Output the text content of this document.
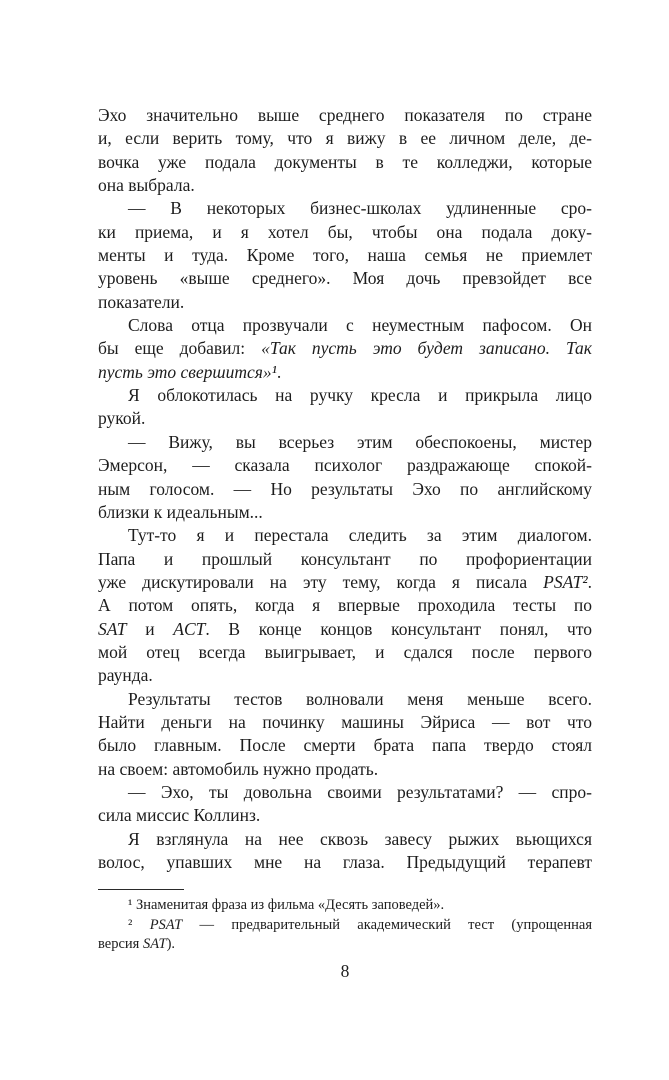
Эхо значительно выше среднего показателя по стране
и, если верить тому, что я вижу в ее личном деле, де-
вочка уже подала документы в те колледжи, которые
она выбрала.
— В некоторых бизнес-школах удлиненные сро-
ки приема, и я хотел бы, чтобы она подала доку-
менты и туда. Кроме того, наша семья не приемлет
уровень «выше среднего». Моя дочь превзойдет все
показатели.
Слова отца прозвучали с неуместным пафосом. Он
бы еще добавил: «Так пусть это будет записано. Так
пусть это свершится»¹.
Я облокотилась на ручку кресла и прикрыла лицо
рукой.
— Вижу, вы всерьез этим обеспокоены, мистер
Эмерсон, — сказала психолог раздражающе спокой-
ным голосом. — Но результаты Эхо по английскому
близки к идеальным...
Тут-то я и перестала следить за этим диалогом.
Папа и прошлый консультант по профориентации
уже дискутировали на эту тему, когда я писала PSAT².
А потом опять, когда я впервые проходила тесты по
SAT и ACT. В конце концов консультант понял, что
мой отец всегда выигрывает, и сдался после первого
раунда.
Результаты тестов волновали меня меньше всего.
Найти деньги на починку машины Эйриса — вот что
было главным. После смерти брата папа твердо стоял
на своем: автомобиль нужно продать.
— Эхо, ты довольна своими результатами? — спро-
сила миссис Коллинз.
Я взглянула на нее сквозь завесу рыжих вьющихся
волос, упавших мне на глаза. Предыдущий терапевт
¹ Знаменитая фраза из фильма «Десять заповедей».
² PSAT — предварительный академический тест (упрощенная
версия SAT).
8
